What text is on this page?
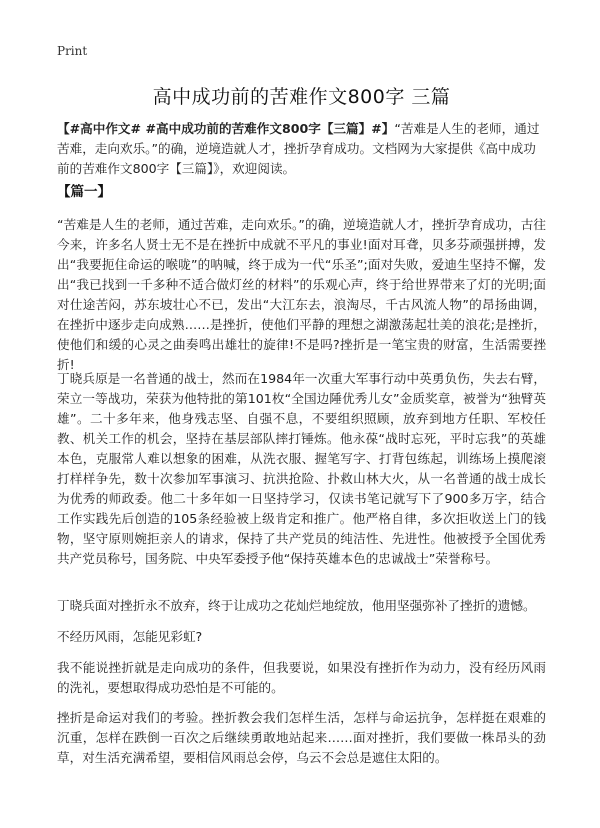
Print
高中成功前的苦难作文800字 三篇

【#高中作文# #高中成功前的苦难作文800字【三篇】#】“苦难是人生的老师，通过苦难，走向欢乐。”的确，逆境造就人才，挫折孕育成功。文档网为大家提供《高中成功前的苦难作文800字【三篇】》，欢迎阅读。

【篇一】

“苦难是人生的老师，通过苦难，走向欢乐。”的确，逆境造就人才，挫折孕育成功，古往今来，许多名人贤士无不是在挫折中成就不平凡的事业!面对耳聋，贝多芬顽强拼搏，发出“我要扼住命运的喉咙”的呐喊，终于成为一代“乐圣”;面对失败，爱迪生坚持不懈，发出“我已找到一千多种不适合做灯丝的材料”的乐观心声，终于给世界带来了灯的光明;面对仕途苦闷，苏东坡壮心不已，发出“大江东去，浪淘尽，千古风流人物”的昂扬曲调，在挫折中逐步走向成熟……是挫折，使他们平静的理想之湖激荡起壮美的浪花;是挫折，使他们和缓的心灵之曲奏鸣出雄壮的旋律!不是吗?挫折是一笔宝贵的财富，生活需要挫折!

丁晓兵原是一名普通的战士，然而在1984年一次重大军事行动中英勇负伤，失去右臂，荣立一等战功，荣获为他特批的第101枚“全国边陲优秀儿女”金质奖章，被誉为“独臂英雄”。二十多年来，他身残志坚、自强不息，不要组织照顾，放弃到地方任职、军校任教、机关工作的机会，坚持在基层部队摔打锤炼。他永葆“战时忘死，平时忘我”的英雄本色，克服常人难以想象的困难，从洗衣服、握笔写字、打背包练起，训练场上摸爬滚打样样争先，数十次参加军事演习、抗洪抢险、扑救山林大火，从一名普通的战士成长为优秀的师政委。他二十多年如一日坚持学习，仅读书笔记就写下了900多万字，结合工作实践先后创造的105条经验被上级肯定和推广。他严格自律，多次拒收送上门的钱物，坚守原则婉拒亲人的请求，保持了共产党员的纯洁性、先进性。他被授予全国优秀共产党员称号，国务院、中央军委授予他“保持英雄本色的忠诚战士”荣誉称号。

丁晓兵面对挫折永不放弃，终于让成功之花灿烂地绽放，他用坚强弥补了挫折的遗憾。

不经历风雨，怎能见彩虹?

我不能说挫折就是走向成功的条件，但我要说，如果没有挫折作为动力，没有经历风雨的洗礼，要想取得成功恐怕是不可能的。

挫折是命运对我们的考验。挫折教会我们怎样生活，怎样与命运抗争，怎样挺在艰难的沉重，怎样在跌倒一百次之后继续勇敢地站起来……面对挫折，我们要做一株昂头的劲草，对生活充满希望，要相信风雨总会停，乌云不会总是遮住太阳的。
